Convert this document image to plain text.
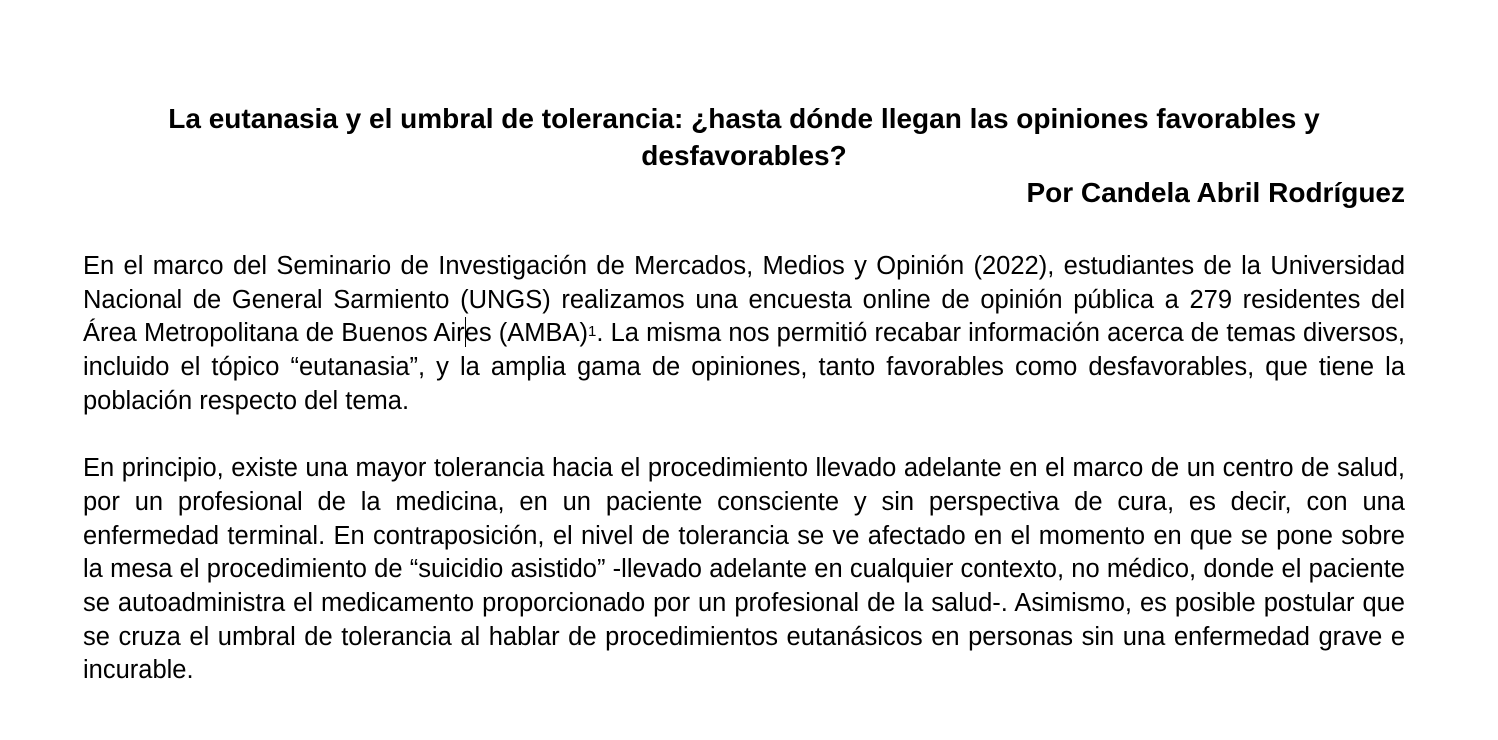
La eutanasia y el umbral de tolerancia: ¿hasta dónde llegan las opiniones favorables y desfavorables?

Por Candela Abril Rodríguez

En el marco del Seminario de Investigación de Mercados, Medios y Opinión (2022), estudiantes de la Universidad Nacional de General Sarmiento (UNGS) realizamos una encuesta online de opinión pública a 279 residentes del Área Metropolitana de Buenos Aires (AMBA)$^1$. La misma nos permitió recabar información acerca de temas diversos, incluido el tópico “eutanasia”, y la amplia gama de opiniones, tanto favorables como desfavorables, que tiene la población respecto del tema.

En principio, existe una mayor tolerancia hacia el procedimiento llevado adelante en el marco de un centro de salud, por un profesional de la medicina, en un paciente consciente y sin perspectiva de cura, es decir, con una enfermedad terminal. En contraposición, el nivel de tolerancia se ve afectado en el momento en que se pone sobre la mesa el procedimiento de “suicidio asistido” -llevado adelante en cualquier contexto, no médico, donde el paciente se autoadministra el medicamento proporcionado por un profesional de la salud-. Asimismo, es posible postular que se cruza el umbral de tolerancia al hablar de procedimientos eutanásicos en personas sin una enfermedad grave e incurable.
